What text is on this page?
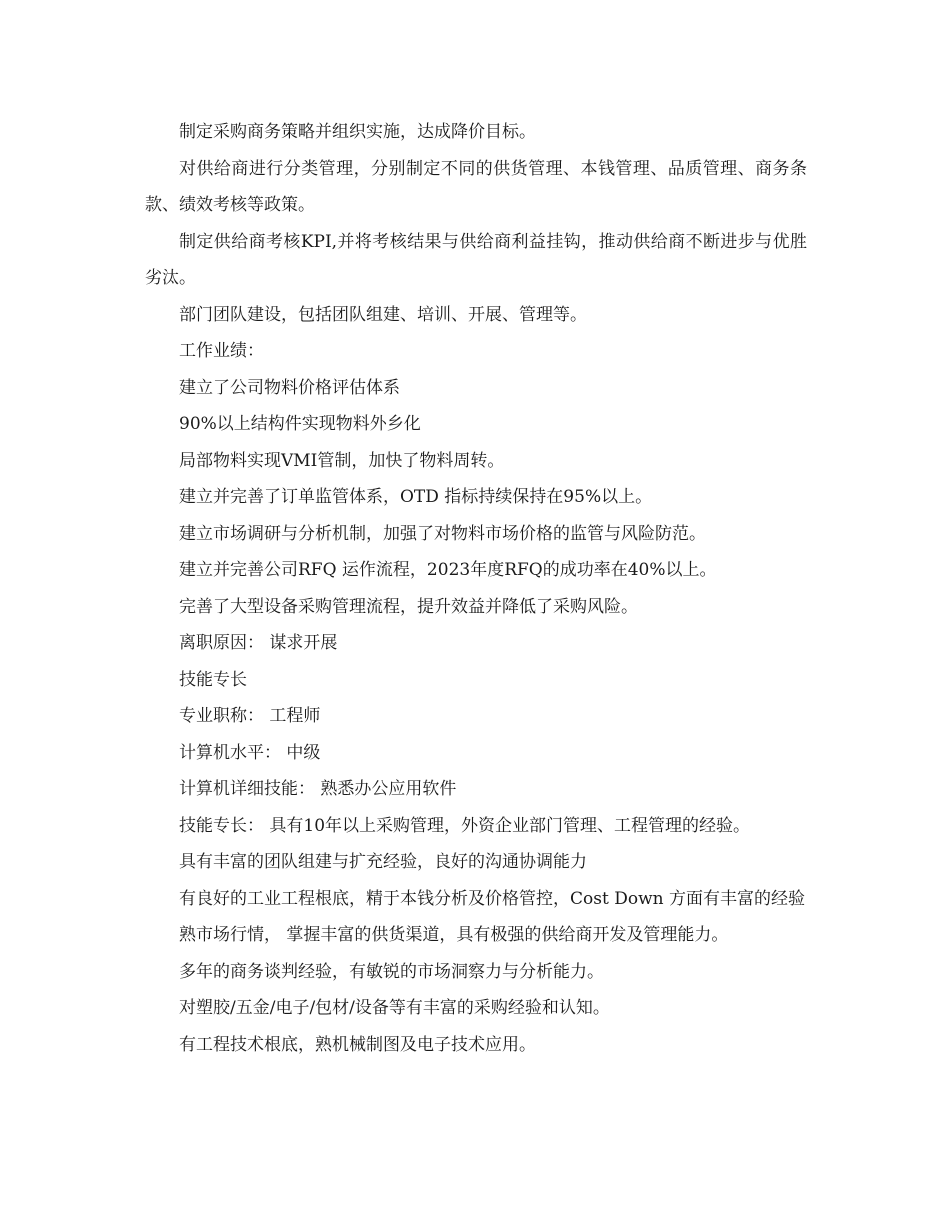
制定采购商务策略并组织实施，达成降价目标。

对供给商进行分类管理，分别制定不同的供货管理、本钱管理、品质管理、商务条款、绩效考核等政策。

制定供给商考核KPI,并将考核结果与供给商利益挂钩，推动供给商不断进步与优胜劣汰。

部门团队建设，包括团队组建、培训、开展、管理等。

工作业绩：

建立了公司物料价格评估体系

90%以上结构件实现物料外乡化

局部物料实现VMI管制，加快了物料周转。

建立并完善了订单监管体系，OTD 指标持续保持在95%以上。

建立市场调研与分析机制，加强了对物料市场价格的监管与风险防范。

建立并完善公司RFQ 运作流程，2023年度RFQ的成功率在40%以上。

完善了大型设备采购管理流程，提升效益并降低了采购风险。

离职原因： 谋求开展

技能专长

专业职称： 工程师

计算机水平： 中级

计算机详细技能： 熟悉办公应用软件

技能专长： 具有10年以上采购管理，外资企业部门管理、工程管理的经验。

具有丰富的团队组建与扩充经验，良好的沟通协调能力

有良好的工业工程根底，精于本钱分析及价格管控，Cost Down 方面有丰富的经验

熟市场行情， 掌握丰富的供货渠道，具有极强的供给商开发及管理能力。

多年的商务谈判经验，有敏锐的市场洞察力与分析能力。

对塑胶/五金/电子/包材/设备等有丰富的采购经验和认知。

有工程技术根底，熟机械制图及电子技术应用。
